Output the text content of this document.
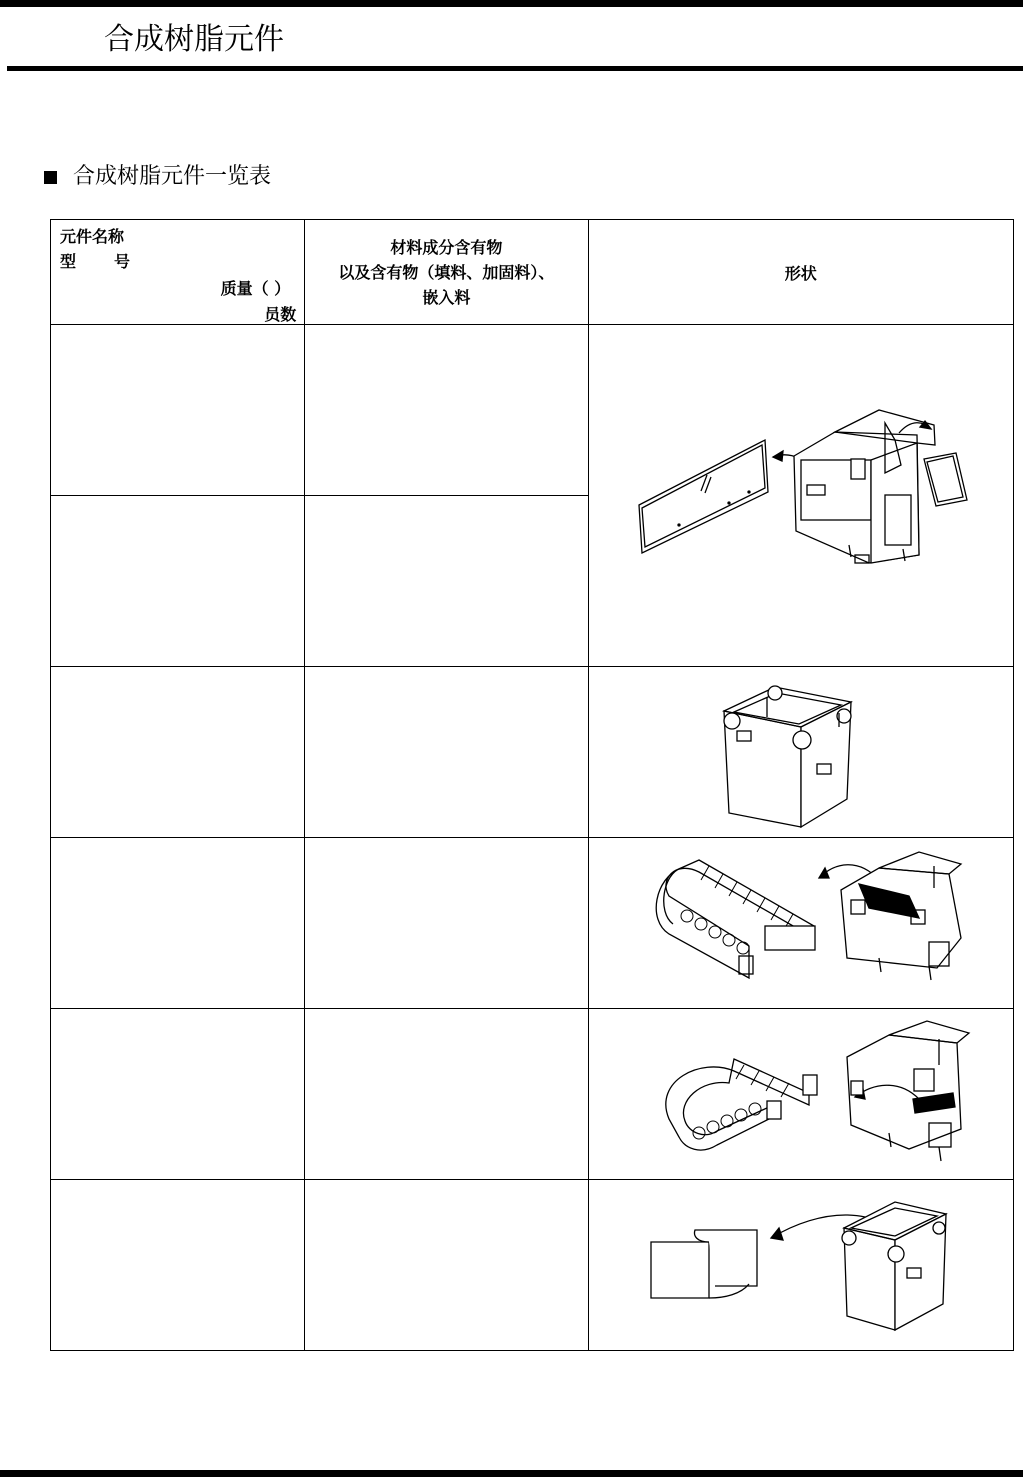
合成树脂元件
合成树脂元件一览表
元件名称
型 号
质量（ ）
员数	材料成分含有物
以及含有物（填料、加固料）、
嵌入料	形状
